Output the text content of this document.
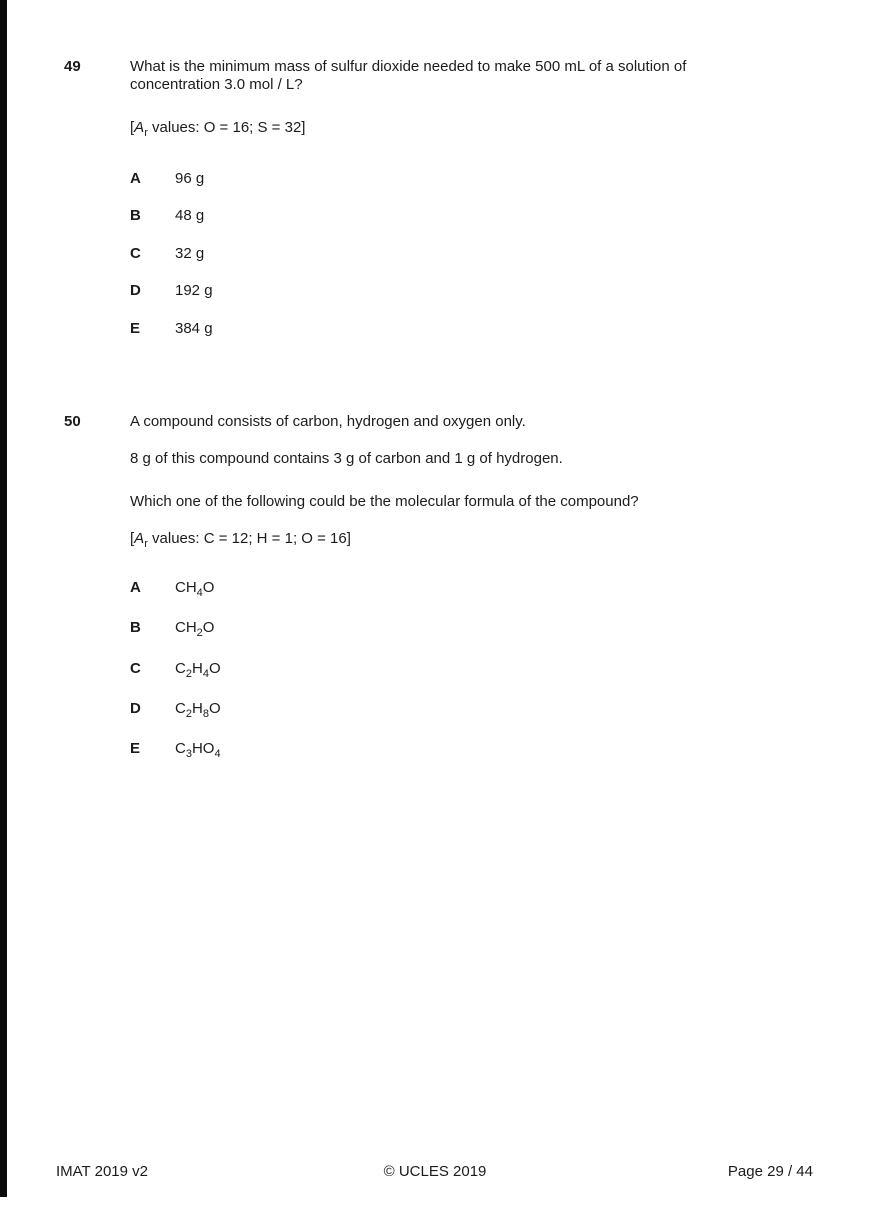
49	What is the minimum mass of sulfur dioxide needed to make 500 mL of a solution of
concentration 3.0 mol / L?

[$A_r$ values: O = 16; S = 32]

A 96 g
B 48 g
C 32 g
D 192 g
E 384 g
50	A compound consists of carbon, hydrogen and oxygen only.
8 g of this compound contains 3 g of carbon and 1 g of hydrogen.
Which one of the following could be the molecular formula of the compound?

[$A_r$ values: C = 12; H = 1; O = 16]

A $CH_4O$
B $CH_2O$
C $C_2H_4O$
D $C_2H_8O$
E $C_3HO_4$
IMAT 2019 v2	© UCLES 2019	Page 29 / 44
